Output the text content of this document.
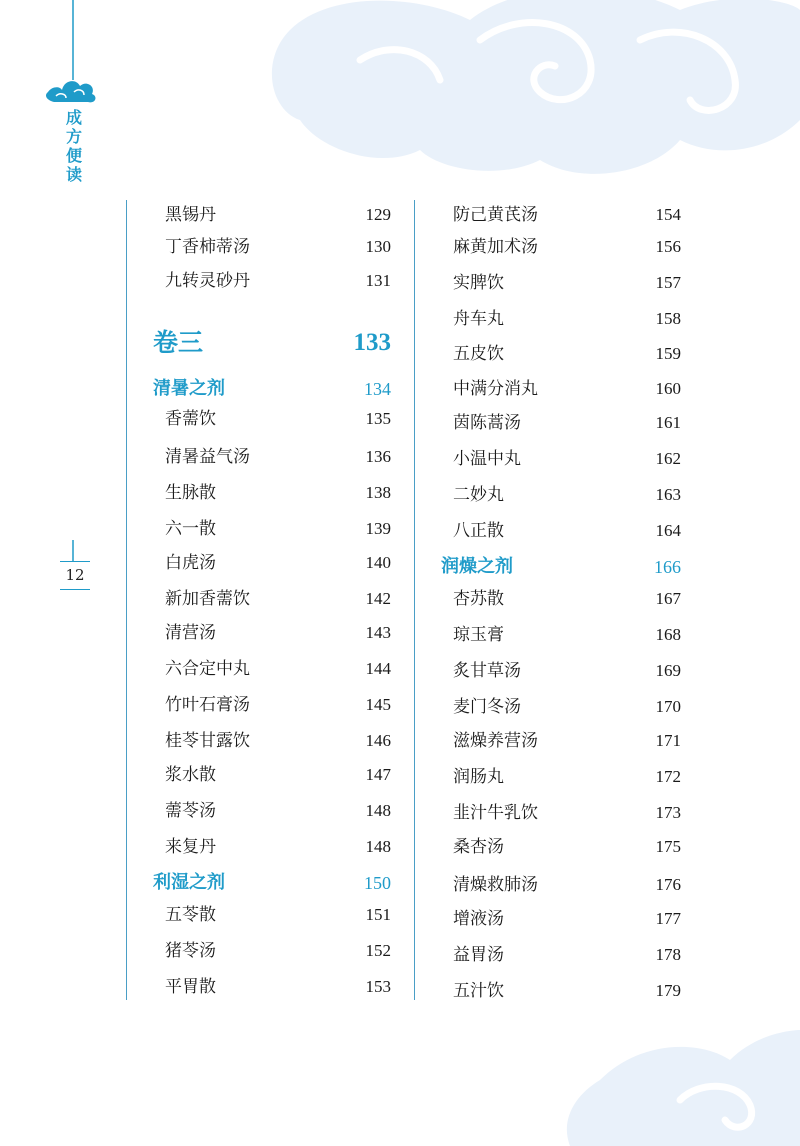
成方便读
12
黑锡丹	129
丁香柿蒂汤	130
九转灵砂丹	131
卷三	133
清暑之剂	134
香薷饮	135
清暑益气汤	136
生脉散	138
六一散	139
白虎汤	140
新加香薷饮	142
清营汤	143
六合定中丸	144
竹叶石膏汤	145
桂苓甘露饮	146
浆水散	147
薷苓汤	148
来复丹	148
利湿之剂	150
五苓散	151
猪苓汤	152
平胃散	153
防己黄芪汤	154
麻黄加术汤	156
实脾饮	157
舟车丸	158
五皮饮	159
中满分消丸	160
茵陈蒿汤	161
小温中丸	162
二妙丸	163
八正散	164
润燥之剂	166
杏苏散	167
琼玉膏	168
炙甘草汤	169
麦门冬汤	170
滋燥养营汤	171
润肠丸	172
韭汁牛乳饮	173
桑杏汤	175
清燥救肺汤	176
增液汤	177
益胃汤	178
五汁饮	179
